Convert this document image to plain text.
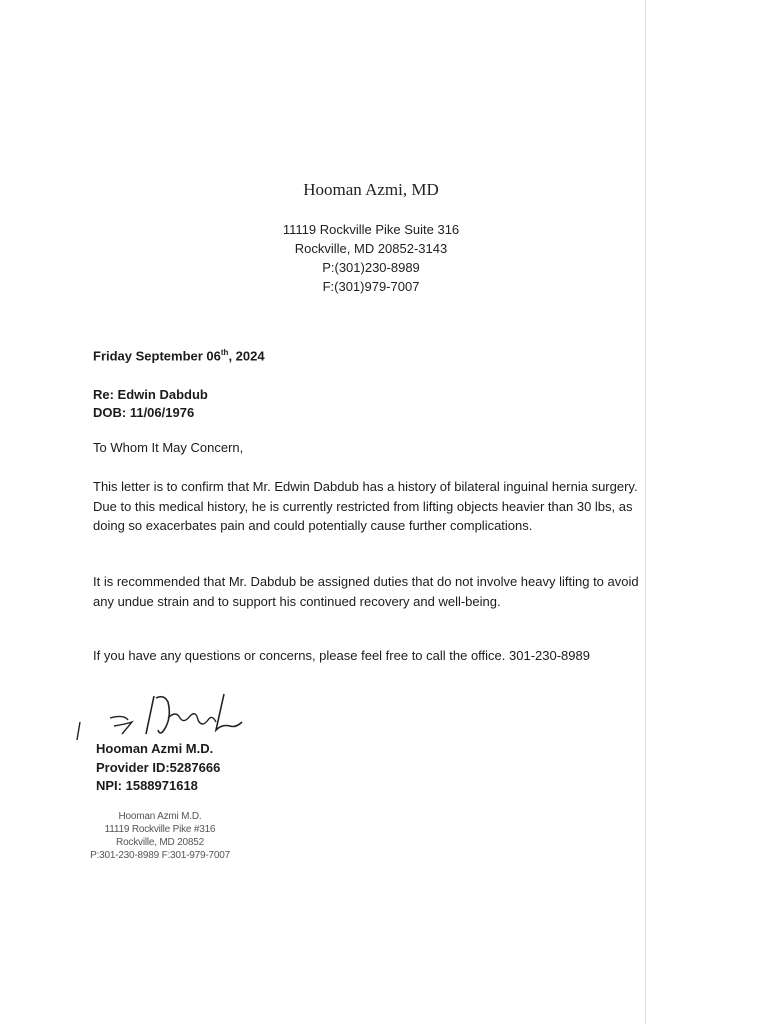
Hooman Azmi, MD
11119 Rockville Pike Suite 316
Rockville, MD 20852-3143
P:(301)230-8989
F:(301)979-7007
Friday September 06th, 2024
Re: Edwin Dabdub
DOB: 11/06/1976
To Whom It May Concern,

This letter is to confirm that Mr. Edwin Dabdub has a history of bilateral inguinal hernia surgery. Due to this medical history, he is currently restricted from lifting objects heavier than 30 lbs, as doing so exacerbates pain and could potentially cause further complications.

It is recommended that Mr. Dabdub be assigned duties that do not involve heavy lifting to avoid any undue strain and to support his continued recovery and well-being.

If you have any questions or concerns, please feel free to call the office. 301-230-8989
Hooman Azmi M.D.
Provider ID:5287666
NPI: 1588971618
Hooman Azmi M.D.
11119 Rockville Pike #316
Rockville, MD 20852
P:301-230-8989 F:301-979-7007
